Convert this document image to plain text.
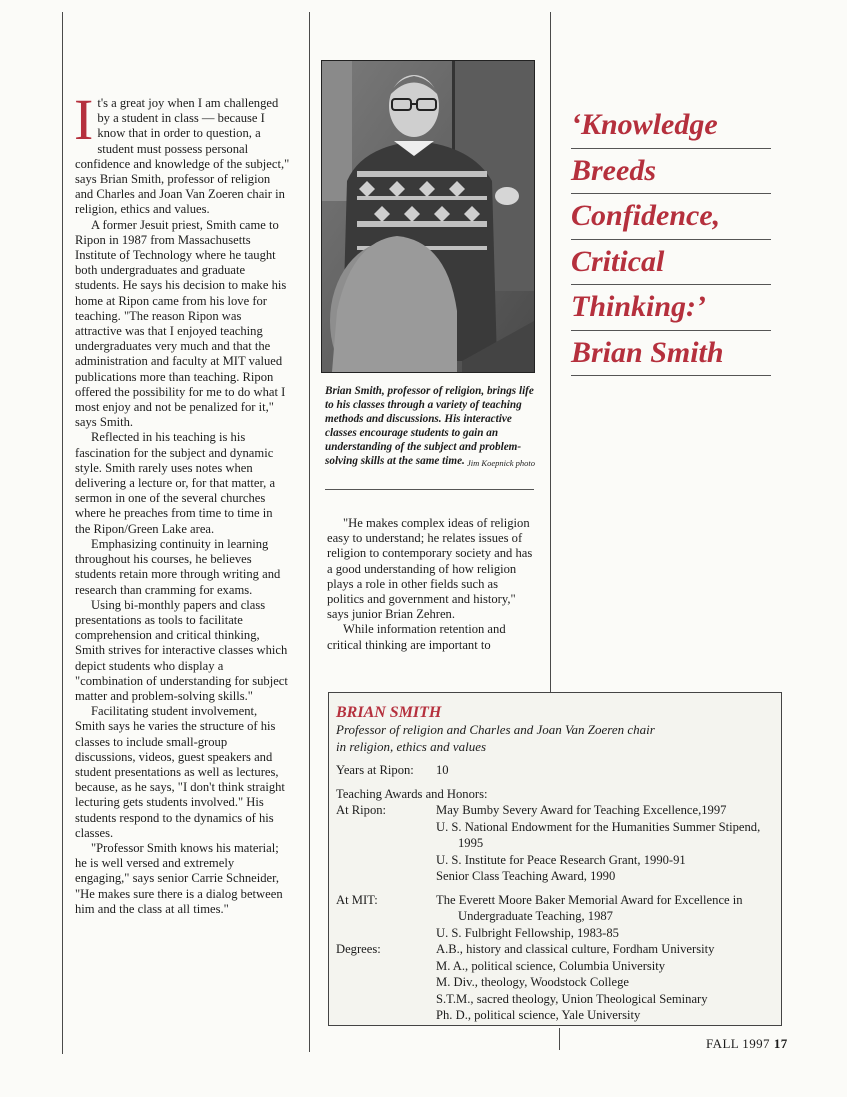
It's a great joy when I am challenged by a student in class — because I know that in order to question, a student must possess personal confidence and knowledge of the subject," says Brian Smith, professor of religion and Charles and Joan Van Zoeren chair in religion, ethics and values.

A former Jesuit priest, Smith came to Ripon in 1987 from Massachusetts Institute of Technology where he taught both undergraduates and graduate students. He says his decision to make his home at Ripon came from his love for teaching. "The reason Ripon was attractive was that I enjoyed teaching undergraduates very much and that the administration and faculty at MIT valued publications more than teaching. Ripon offered the possibility for me to do what I most enjoy and not be penalized for it," says Smith.

Reflected in his teaching is his fascination for the subject and dynamic style. Smith rarely uses notes when delivering a lecture or, for that matter, a sermon in one of the several churches where he preaches from time to time in the Ripon/Green Lake area.

Emphasizing continuity in learning throughout his courses, he believes students retain more through writing and research than cramming for exams.

Using bi-monthly papers and class presentations as tools to facilitate comprehension and critical thinking, Smith strives for interactive classes which depict students who display a "combination of understanding for subject matter and problem-solving skills."

Facilitating student involvement, Smith says he varies the structure of his classes to include small-group discussions, videos, guest speakers and student presentations as well as lectures, because, as he says, "I don't think straight lecturing gets students involved." His students respond to the dynamics of his classes.

"Professor Smith knows his material; he is well versed and extremely engaging," says senior Carrie Schneider, "He makes sure there is a dialog between him and the class at all times."

Brian Smith, professor of religion, brings life to his classes through a variety of teaching methods and discussions. His interactive classes encourage students to gain an understanding of the subject and problem-solving skills at the same time. Jim Koepnick photo

"He makes complex ideas of religion easy to understand; he relates issues of religion to contemporary society and has a good understanding of how religion plays a role in other fields such as politics and government and history," says junior Brian Zehren.

While information retention and critical thinking are important to

‘Knowledge
Breeds
Confidence,
Critical
Thinking:’
Brian Smith
BRIAN SMITH
Professor of religion and Charles and Joan Van Zoeren chair
in religion, ethics and values
Years at Ripon:	10
Teaching Awards and Honors:
At Ripon:	May Bumby Severy Award for Teaching Excellence,1997
U. S. National Endowment for the Humanities Summer Stipend, 1995
U. S. Institute for Peace Research Grant, 1990-91
Senior Class Teaching Award, 1990
At MIT:	The Everett Moore Baker Memorial Award for Excellence in Undergraduate Teaching, 1987
U. S. Fulbright Fellowship, 1983-85
Degrees:	A.B., history and classical culture, Fordham University
M. A., political science, Columbia University
M. Div., theology, Woodstock College
S.T.M., sacred theology, Union Theological Seminary
Ph. D., political science, Yale University
FALL 1997 17
